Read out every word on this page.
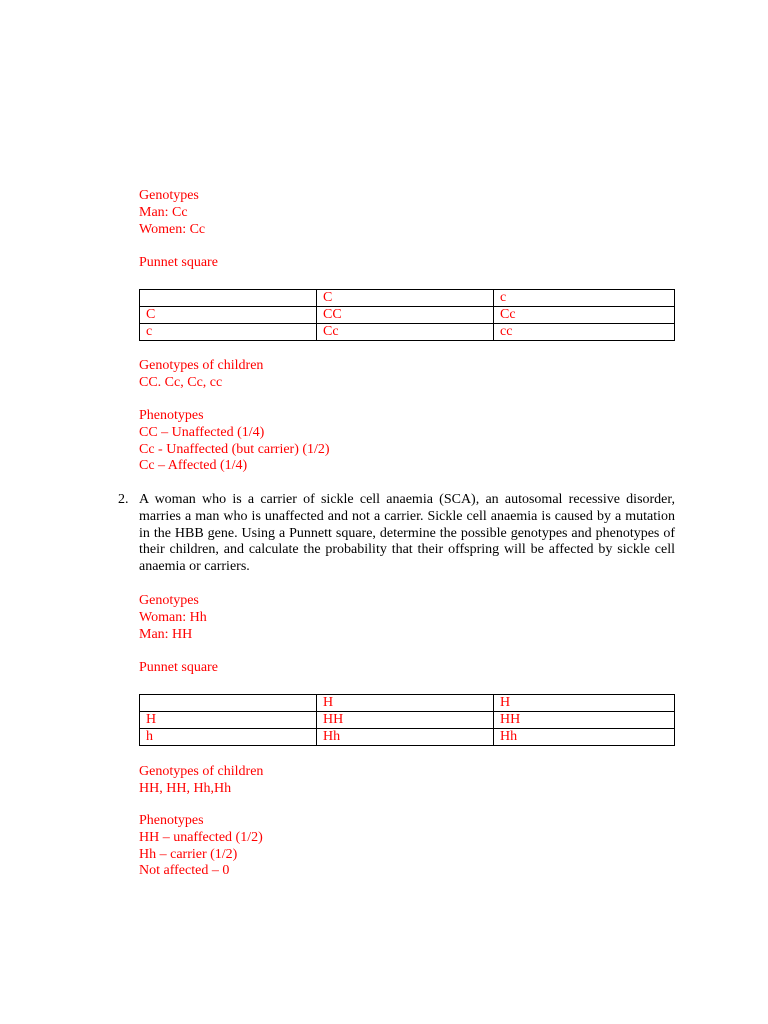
Genotypes
Man: Cc
Women: Cc
Punnet square
	C	c
C	CC	Cc
c	Cc	cc
Genotypes of children
CC. Cc, Cc, cc
Phenotypes
CC – Unaffected (1/4)
Cc - Unaffected (but carrier) (1/2)
Cc – Affected (1/4)
2. A woman who is a carrier of sickle cell anaemia (SCA), an autosomal recessive disorder, marries a man who is unaffected and not a carrier. Sickle cell anaemia is caused by a mutation in the HBB gene. Using a Punnett square, determine the possible genotypes and phenotypes of their children, and calculate the probability that their offspring will be affected by sickle cell anaemia or carriers.
Genotypes
Woman: Hh
Man: HH
Punnet square
	H	H
H	HH	HH
h	Hh	Hh
Genotypes of children
HH, HH, Hh,Hh
Phenotypes
HH – unaffected (1/2)
Hh – carrier (1/2)
Not affected – 0
